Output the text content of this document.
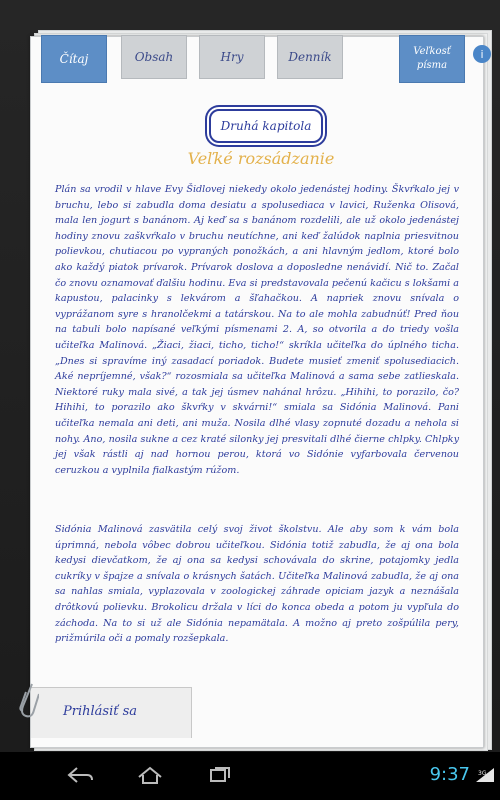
Čítaj	Obsah	Hry	Denník	Veľkosť
písma
i
Druhá kapitola
Veľké rozsádzanie
Plán sa vrodil v hlave Evy Šidlovej niekedy okolo jedenástej hodiny. Škvŕkalo jej v bruchu, lebo si zabudla doma desiatu a spolusediaca v lavici, Ruženka Olisová, mala len jogurt s banánom. Aj keď sa s banánom rozdelili, ale už okolo jedenástej hodiny znovu zaškvŕkalo v bruchu neutíchne, ani keď žalúdok naplnia priesvitnou polievkou, chutiacou po vypraných ponožkách, a ani hlavným jedlom, ktoré bolo ako každý piatok prívarok. Prívarok doslova a doposledne nenávidí. Nič to. Začal čo znovu oznamovať ďalšiu hodinu. Eva si predstavovala pečenú kačicu s lokšami a kapustou, palacinky s lekvárom a šľahačkou. A napriek znovu snívala o vyprážanom syre s hranolčekmi a tatárskou. Na to ale mohla zabudnúť! Pred ňou na tabuli bolo napísané veľkými písmenami 2. A, so otvorila a do triedy vošla učiteľka Malinová. „Žiaci, žiaci, ticho, ticho!“ skríkla učiteľka do úplného ticha. „Dnes si spravíme iný zasadací poriadok. Budete musieť zmeniť spolusediacich. Aké nepríjemné, však?“ rozosmiala sa učiteľka Malinová a sama sebe zatlieskala. Niektoré ruky mala sivé, a tak jej úsmev nahánal hrôzu. „Hihihi, to porazilo, čo? Hihihi, to porazilo ako škvŕky v skvárni!“ smiala sa Sidónia Malinová. Pani učiteľka nemala ani deti, ani muža. Nosila dlhé vlasy zopnuté dozadu a nehola si nohy. Ano, nosila sukne a cez kraté silonky jej presvitali dlhé čierne chlpky. Chlpky jej však rástli aj nad hornou perou, ktorá vo Sidónie vyfarbovala červenou ceruzkou a vyplnila fialkastým rúžom.
Sidónia Malinová zasvätila celý svoj život školstvu. Ale aby som k vám bola úprimná, nebola vôbec dobrou učiteľkou. Sidónia totiž zabudla, že aj ona bola kedysi dievčatkom, že aj ona sa kedysi schovávala do skrine, potajomky jedla cukríky v špajze a snívala o krásnych šatách. Učiteľka Malinová zabudla, že aj ona sa nahlas smiala, vyplazovala v zoologickej záhrade opiciam jazyk a neznášala drôtkovú polievku. Brokolicu držala v líci do konca obeda a potom ju vypľula do záchoda. Na to si už ale Sidónia nepamätala. A možno aj preto zošpúlila pery, prižmúrila oči a pomaly rozšepkala.
Prihlásiť sa
9:37 3G
